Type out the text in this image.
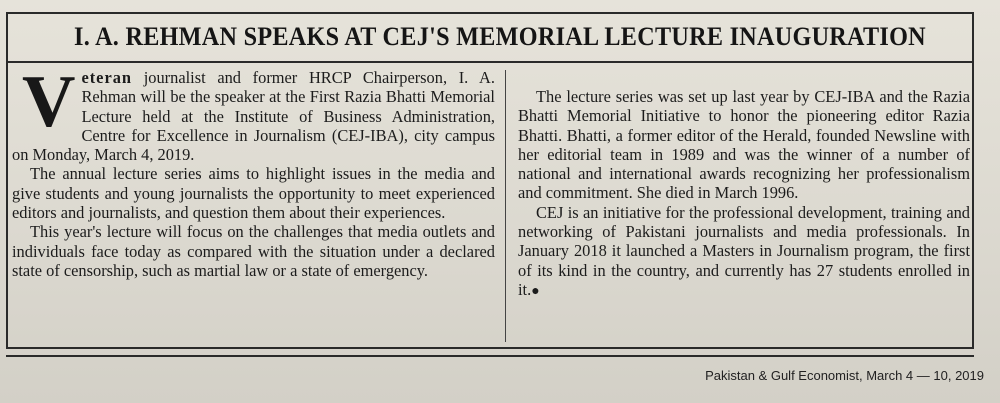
I. A. REHMAN SPEAKS AT CEJ'S MEMORIAL LECTURE INAUGURATION

Veteran journalist and former HRCP Chairperson, I. A. Rehman will be the speaker at the First Razia Bhatti Memorial Lecture held at the Institute of Business Administration, Centre for Excellence in Journalism (CEJ-IBA), city campus on Monday, March 4, 2019.

The annual lecture series aims to highlight issues in the media and give students and young journalists the opportunity to meet experienced editors and journalists, and question them about their experiences.

This year's lecture will focus on the challenges that media outlets and individuals face today as compared with the situation under a declared state of censorship, such as martial law or a state of emergency.

The lecture series was set up last year by CEJ-IBA and the Razia Bhatti Memorial Initiative to honor the pioneering editor Razia Bhatti. Bhatti, a former editor of the Herald, founded Newsline with her editorial team in 1989 and was the winner of a number of national and international awards recognizing her professionalism and commitment. She died in March 1996.

CEJ is an initiative for the professional development, training and networking of Pakistani journalists and media professionals. In January 2018 it launched a Masters in Journalism program, the first of its kind in the country, and currently has 27 students enrolled in it.●

Pakistan & Gulf Economist, March 4 — 10, 2019
